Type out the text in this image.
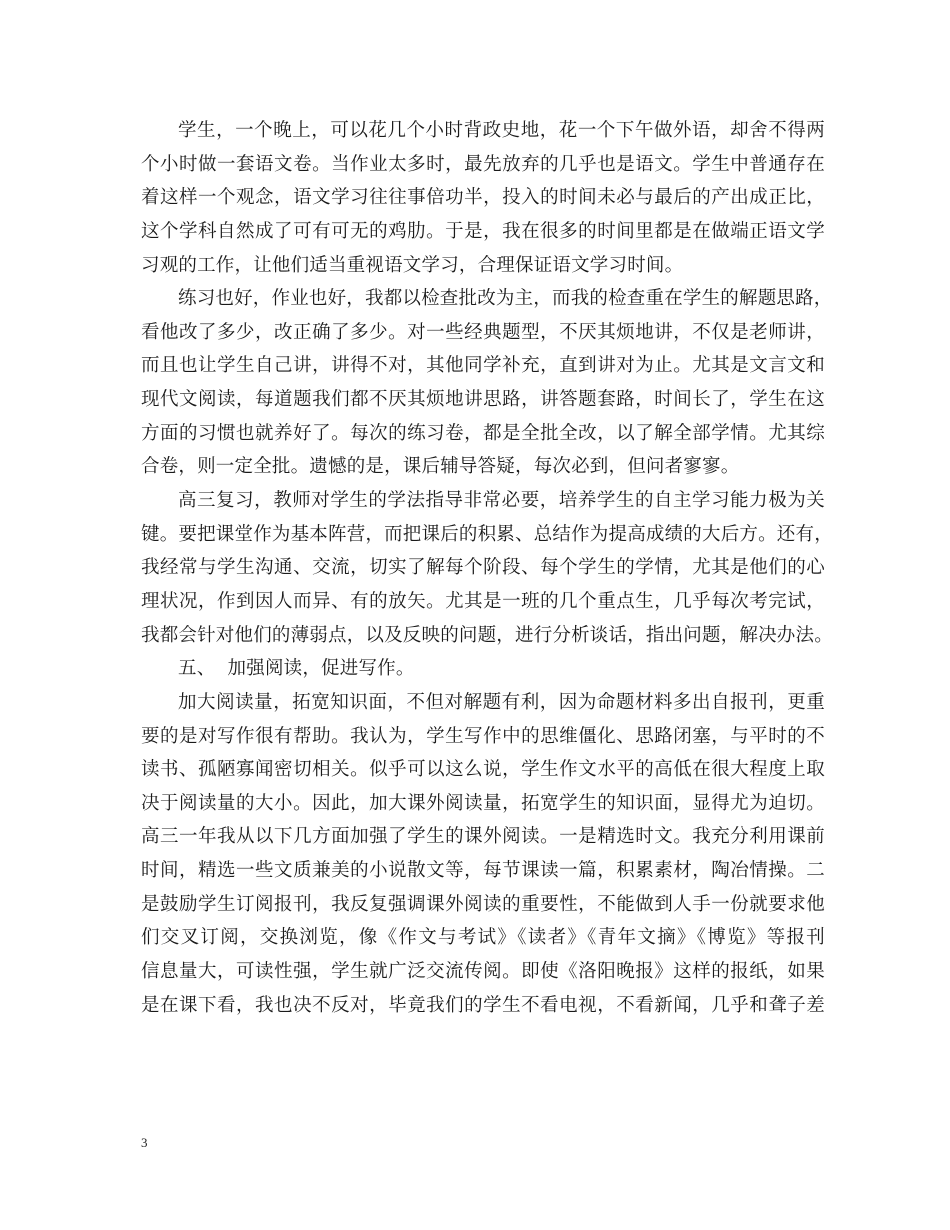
学生，一个晚上，可以花几个小时背政史地，花一个下午做外语，却舍不得两
个小时做一套语文卷。当作业太多时，最先放弃的几乎也是语文。学生中普通存在
着这样一个观念，语文学习往往事倍功半，投入的时间未必与最后的产出成正比，
这个学科自然成了可有可无的鸡肋。于是，我在很多的时间里都是在做端正语文学
习观的工作，让他们适当重视语文学习，合理保证语文学习时间。
练习也好，作业也好，我都以检查批改为主，而我的检查重在学生的解题思路，
看他改了多少，改正确了多少。对一些经典题型，不厌其烦地讲，不仅是老师讲，
而且也让学生自己讲，讲得不对，其他同学补充，直到讲对为止。尤其是文言文和
现代文阅读，每道题我们都不厌其烦地讲思路，讲答题套路，时间长了，学生在这
方面的习惯也就养好了。每次的练习卷，都是全批全改，以了解全部学情。尤其综
合卷，则一定全批。遗憾的是，课后辅导答疑，每次必到，但问者寥寥。
高三复习，教师对学生的学法指导非常必要，培养学生的自主学习能力极为关
键。要把课堂作为基本阵营，而把课后的积累、总结作为提高成绩的大后方。还有，
我经常与学生沟通、交流，切实了解每个阶段、每个学生的学情，尤其是他们的心
理状况，作到因人而异、有的放矢。尤其是一班的几个重点生，几乎每次考完试，
我都会针对他们的薄弱点，以及反映的问题，进行分析谈话，指出问题，解决办法。
五、  加强阅读，促进写作。
加大阅读量，拓宽知识面，不但对解题有利，因为命题材料多出自报刊，更重
要的是对写作很有帮助。我认为，学生写作中的思维僵化、思路闭塞，与平时的不
读书、孤陋寡闻密切相关。似乎可以这么说，学生作文水平的高低在很大程度上取
决于阅读量的大小。因此，加大课外阅读量，拓宽学生的知识面，显得尤为迫切。
高三一年我从以下几方面加强了学生的课外阅读。一是精选时文。我充分利用课前
时间，精选一些文质兼美的小说散文等，每节课读一篇，积累素材，陶冶情操。二
是鼓励学生订阅报刊，我反复强调课外阅读的重要性，不能做到人手一份就要求他
们交叉订阅，交换浏览，像《作文与考试》《读者》《青年文摘》《博览》等报刊
信息量大，可读性强，学生就广泛交流传阅。即使《洛阳晚报》这样的报纸，如果
是在课下看，我也决不反对，毕竟我们的学生不看电视，不看新闻，几乎和聋子差
3
